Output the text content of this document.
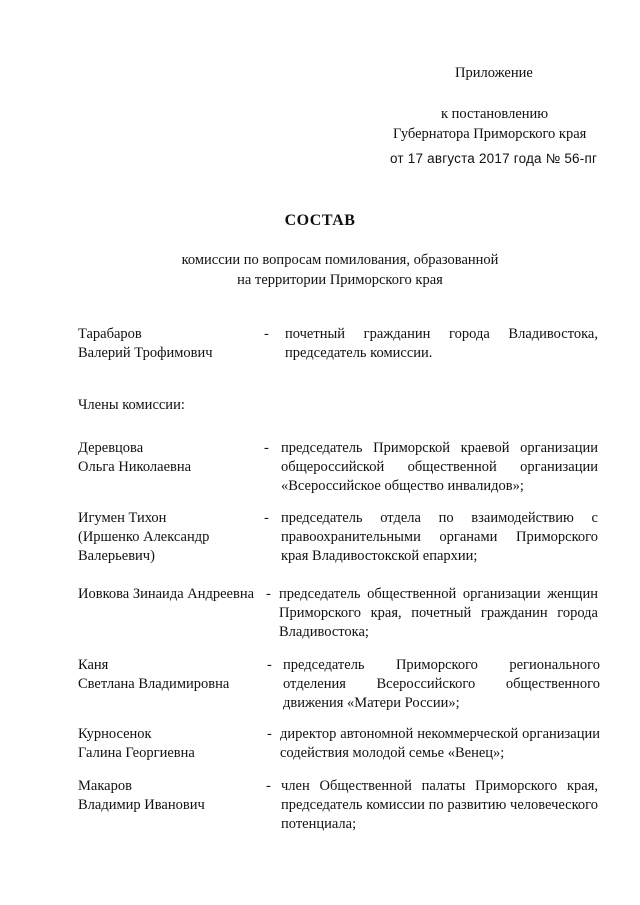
Приложение
к постановлению
Губернатора Приморского края
от 17 августа 2017 года № 56-пг
СОСТАВ
комиссии по вопросам помилования, образованной
на территории Приморского края
Тарабаров
Валерий Трофимович
- почетный гражданин города Владивостока, председатель комиссии.
Члены комиссии:
Деревцова
Ольга Николаевна
- председатель Приморской краевой организации общероссийской общественной организации «Всероссийское общество инвалидов»;
Игумен Тихон
(Иршенко Александр
Валерьевич)
- председатель отдела по взаимодействию с правоохранительными органами Приморского края Владивостокской епархии;
Иовкова Зинаида Андреевна - председатель общественной организации женщин Приморского края, почетный гражданин города Владивостока;
Каня
Светлана Владимировна
- председатель Приморского регионального отделения Всероссийского общественного движения «Матери России»;
Курносенок
Галина Георгиевна
- директор автономной некоммерческой организации содействия молодой семье «Венец»;
Макаров
Владимир Иванович
- член Общественной палаты Приморского края, председатель комиссии по развитию человеческого потенциала;
